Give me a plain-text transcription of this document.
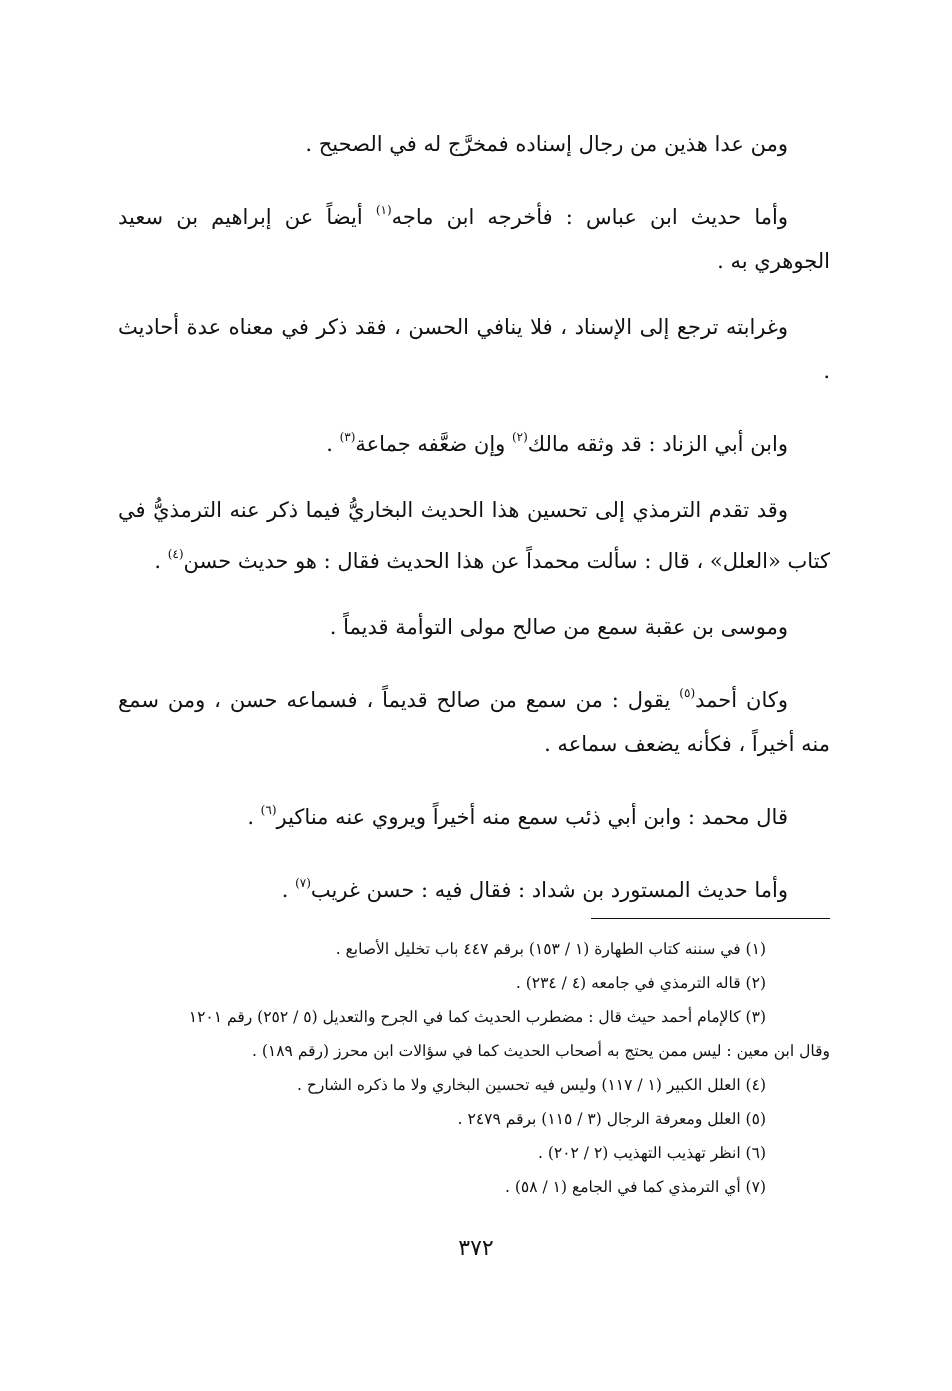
ومن عدا هذين من رجال إسناده فمخرَّج له في الصحيح .

وأما حديث ابن عباس : فأخرجه ابن ماجه$^{(١)}$ أيضاً عن إبراهيم بن سعيد الجوهري به .

وغرابته ترجع إلى الإسناد ، فلا ينافي الحسن ، فقد ذكر في معناه عدة أحاديث .

وابن أبي الزناد : قد وثقه مالك$^{(٢)}$ وإن ضعَّفه جماعة$^{(٣)}$ .

وقد تقدم الترمذي إلى تحسين هذا الحديث البخاريُّ فيما ذكر عنه الترمذيُّ في كتاب «العلل» ، قال : سألت محمداً عن هذا الحديث فقال : هو حديث حسن$^{(٤)}$ .

وموسى بن عقبة سمع من صالح مولى التوأمة قديماً .

وكان أحمد$^{(٥)}$ يقول : من سمع من صالح قديماً ، فسماعه حسن ، ومن سمع منه أخيراً ، فكأنه يضعف سماعه .

قال محمد : وابن أبي ذئب سمع منه أخيراً ويروي عنه مناكير$^{(٦)}$ .

وأما حديث المستورد بن شداد : فقال فيه : حسن غريب$^{(٧)}$ .

(١) في سننه كتاب الطهارة (١ / ١٥٣) برقم ٤٤٧ باب تخليل الأصابع .

(٢) قاله الترمذي في جامعه (٤ / ٢٣٤) .

(٣) كالإمام أحمد حيث قال : مضطرب الحديث كما في الجرح والتعديل (٥ / ٢٥٢) رقم ١٢٠١

وقال ابن معين : ليس ممن يحتج به أصحاب الحديث كما في سؤالات ابن محرز (رقم ١٨٩) .

(٤) العلل الكبير (١ / ١١٧) وليس فيه تحسين البخاري ولا ما ذكره الشارح .

(٥) العلل ومعرفة الرجال (٣ / ١١٥) برقم ٢٤٧٩ .

(٦) انظر تهذيب التهذيب (٢ / ٢٠٢) .

(٧) أي الترمذي كما في الجامع (١ / ٥٨) .

٣٧٢
